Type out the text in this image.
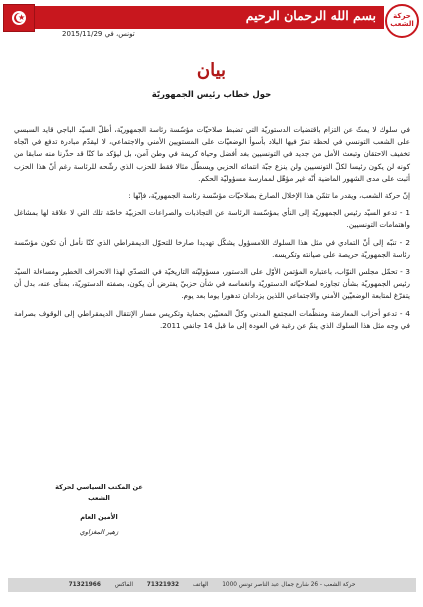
بسم الله الرحمان الرحيم
★	حركة الشعب
تونس، في 2015/11/29
بيان
حول خطاب رئيس الجمهوريّة

في سلوك لا يمتّ عن التزام باقتضيات الدستوريّة التي تضبط صلاحيّات مؤسّسة رئاسة الجمهوريّة، أطلّ السيّد الباجي قايد السبسي على الشعب التونسي في لحظة تمرّ فيها البلاد بأسوأ الوضعيّات على المستويين الأمني والاجتماعي، لا ليقدّم مبادرة تدفع في اتّجاه تخفيف الاحتقان وتبعث الأمل من جديد في التونسيين بغد أفضل وحياة كريمة في وطن آمن، بل ليؤكد ما كنّا قد حذّرنا منه سابقا من كونه لن يكون رئيسا لكلّ التونسيين ولن ينزع جبّة انتمائه الحزبي ويسطّل مثالا فقط للحزب الذي رشّحه للرئاسة رغم أنّ هذا الحزب أثبت على مدى الشهور الماضية أنّه غير مؤهّل لممارسة مسؤوليّة الحكم.

إنّ حركة الشعب، ويقدر ما تثمّن هذا الإخلال الصارخ بصلاحيّات مؤسّسة رئاسة الجمهوريّة، فإنّها :

1 - تدعو السيّد رئيس الجمهوريّة إلى النأي بمؤسّسة الرئاسة عن التجاذبات والصراعات الحزبيّة خاصّة تلك التي لا علاقة لها بمشاغل واهتمامات التونسيين.

2 - تنبّه إلى أنّ التمادي في مثل هذا السلوك اللامسؤول يشكّل تهديدا صارخا للتحوّل الديمقراطي الذي كنّا نأمل أن تكون مؤسّسة رئاسة الجمهوريّة حريصة على صيانته وتكريسه.

3 - تحمّل مجلس النوّاب، باعتباره المؤتمن الأوّل على الدستور، مسؤوليّته التاريخيّة في التصدّي لهذا الانحراف الخطير ومساءلة السيّد رئيس الجمهوريّة بشأن تجاوزه لصلاحيّاته الدستوريّة وانغماسه في شأن حزبيّ يفترض أن يكون، بصفته الدستوريّة، بمنأى عنه، بدل أن يتفرّغ لمتابعة الوضعيّين الأمني والاجتماعي اللذين يزدادان تدهورا يوما بعد يوم.

4 - تدعو أحزاب المعارضة ومنظّمات المجتمع المدني وكلّ المعنيّين بحماية وتكريس مسار الإنتقال الديمقراطي إلى الوقوف بصرامة في وجه مثل هذا السلوك الذي ينمّ عن رغبة في العودة إلى ما قبل 14 جانفي 2011.

عن المكتب السياسي لحركة الشعب
الأمين العام
زهير المغزاوي
حركة الشعب - 26 شارع جمال عبد الناصر تونس 1000 الهاتف 71321932 الفاكس 71321966
